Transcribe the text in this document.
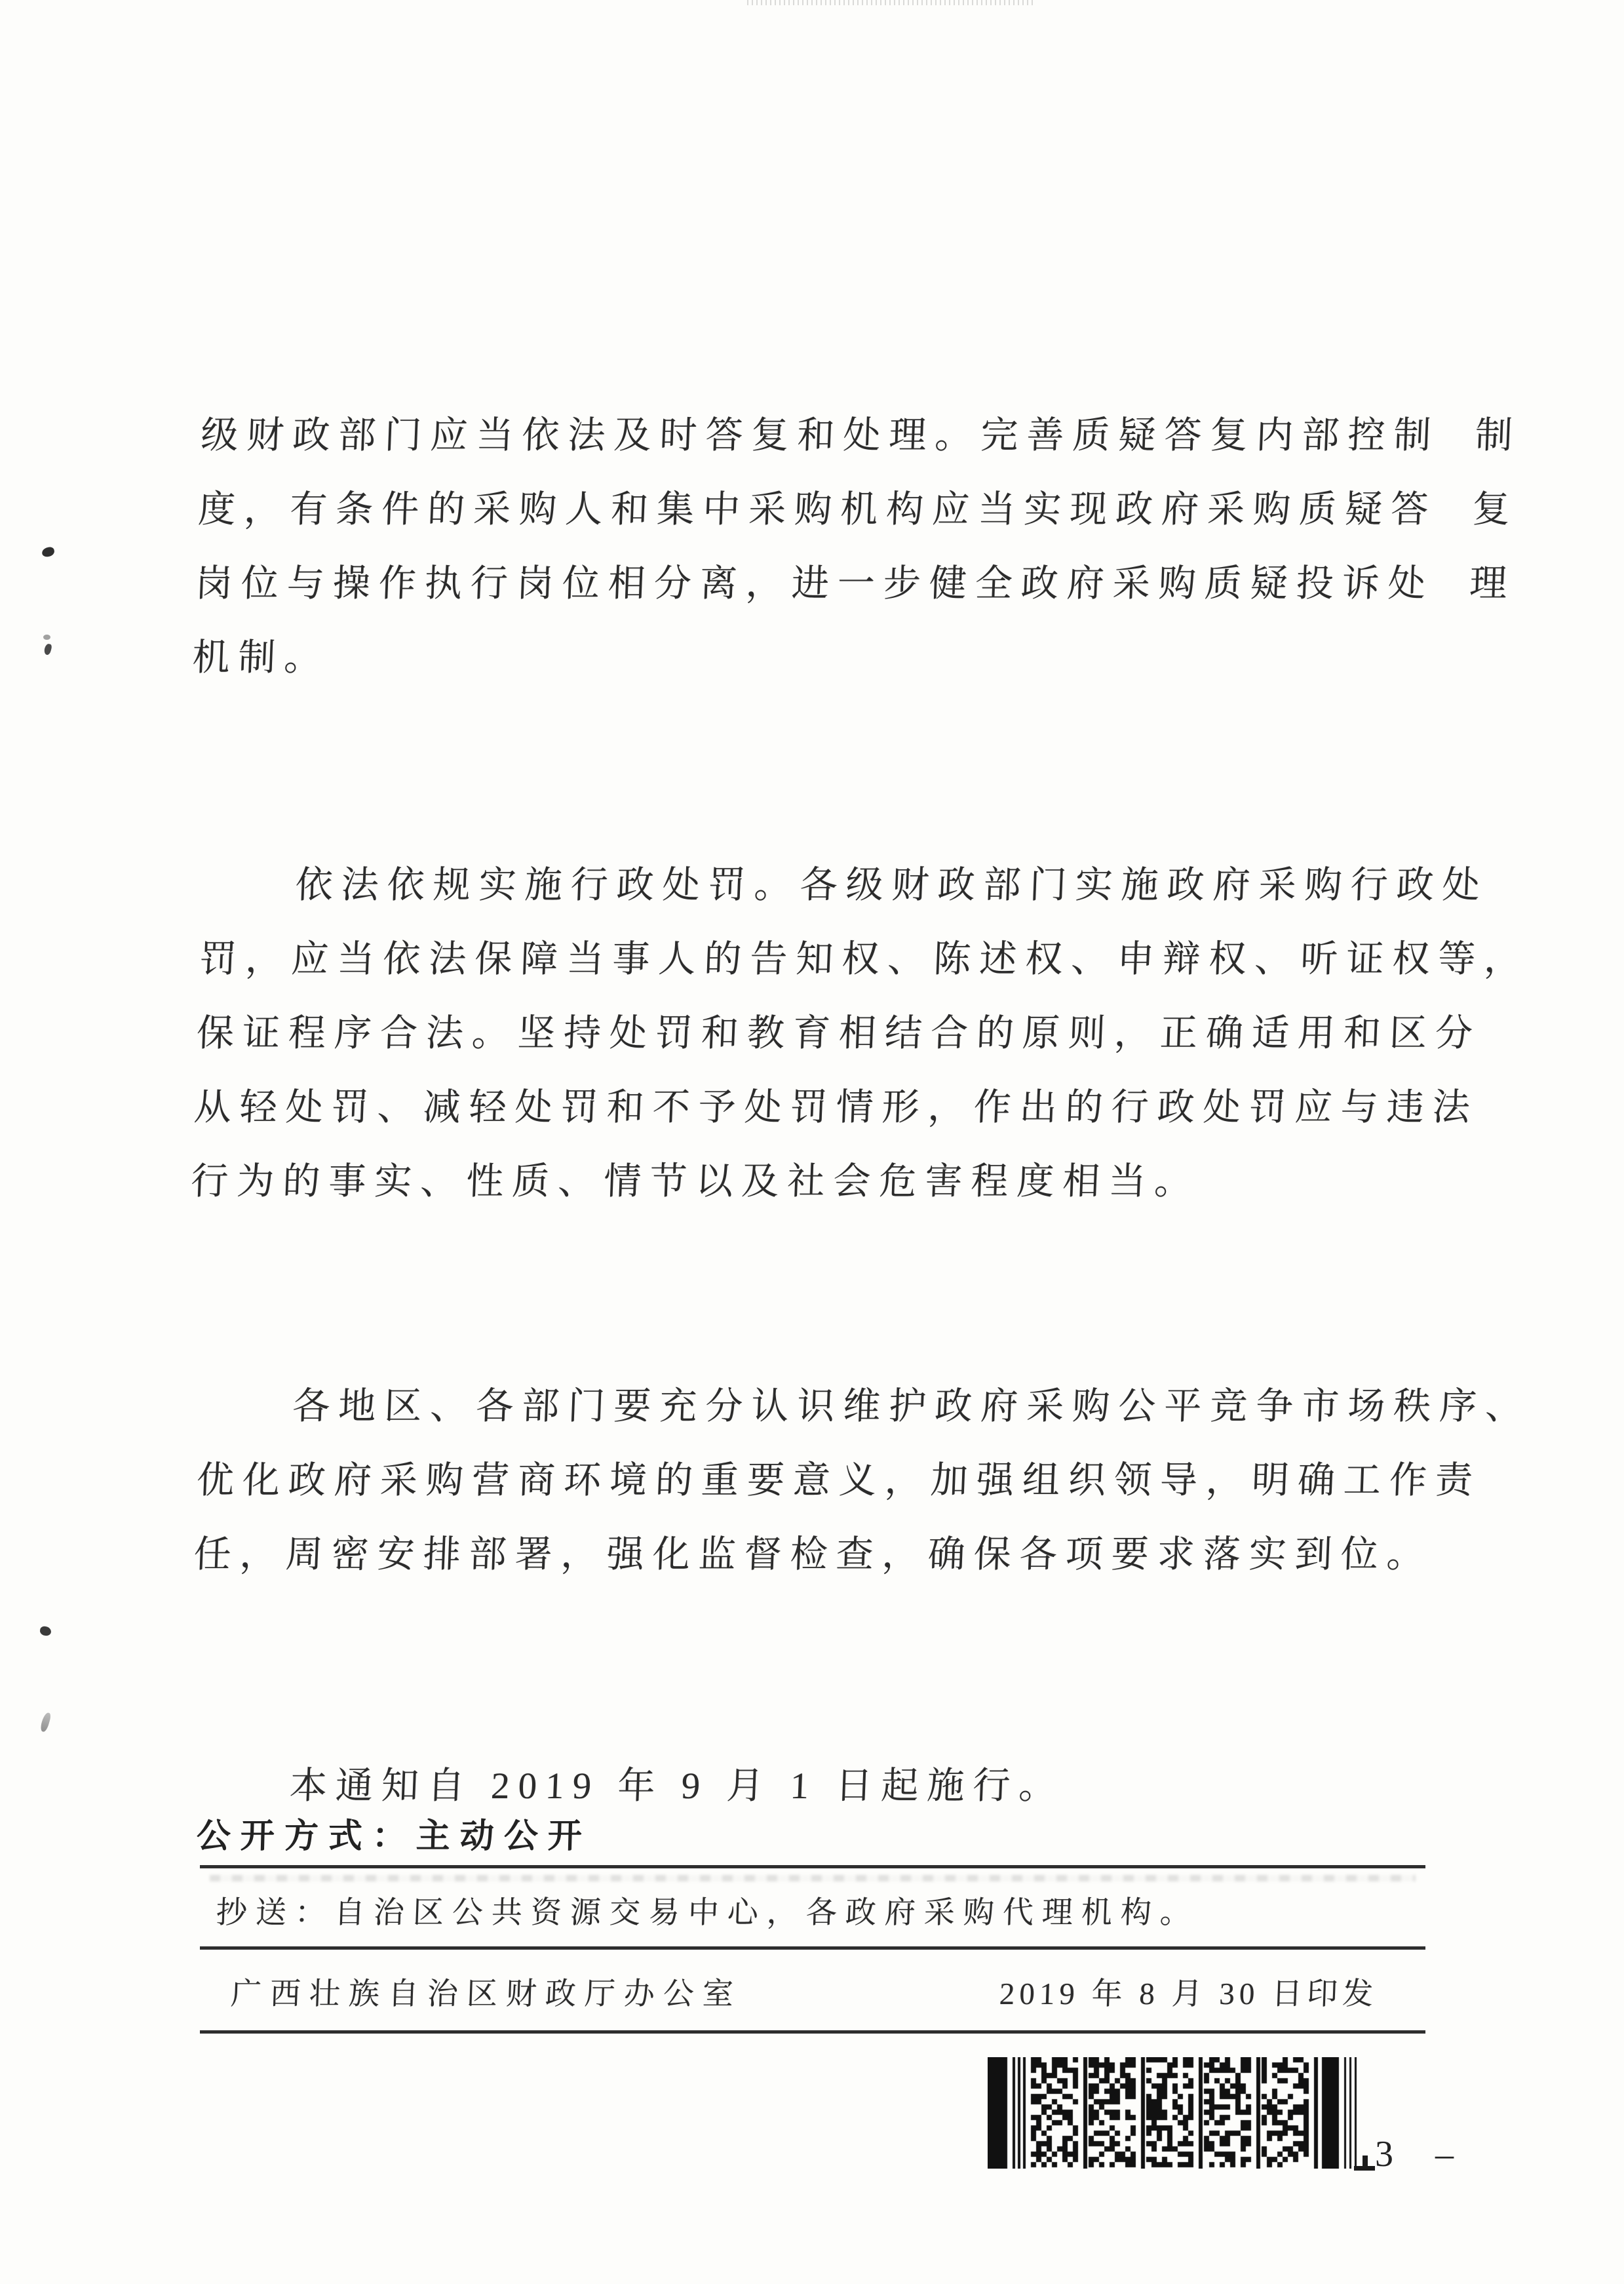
级财政部门应当依法及时答复和处理。完善质疑答复内部控制  制
度，有条件的采购人和集中采购机构应当实现政府采购质疑答  复
岗位与操作执行岗位相分离，进一步健全政府采购质疑投诉处  理
机制。

依法依规实施行政处罚。各级财政部门实施政府采购行政处
罚，应当依法保障当事人的告知权、陈述权、申辩权、听证权等，
保证程序合法。坚持处罚和教育相结合的原则，正确适用和区分
从轻处罚、减轻处罚和不予处罚情形，作出的行政处罚应与违法
行为的事实、性质、情节以及社会危害程度相当。

各地区、各部门要充分认识维护政府采购公平竞争市场秩序、
优化政府采购营商环境的重要意义，加强组织领导，明确工作责
任，周密安排部署，强化监督检查，确保各项要求落实到位。

本通知自 2019 年 9 月 1 日起施行。

公开方式：主动公开
抄送：自治区公共资源交易中心，各政府采购代理机构。
广西壮族自治区财政厅办公室	2019 年 8 月 30 日印发
3  –
